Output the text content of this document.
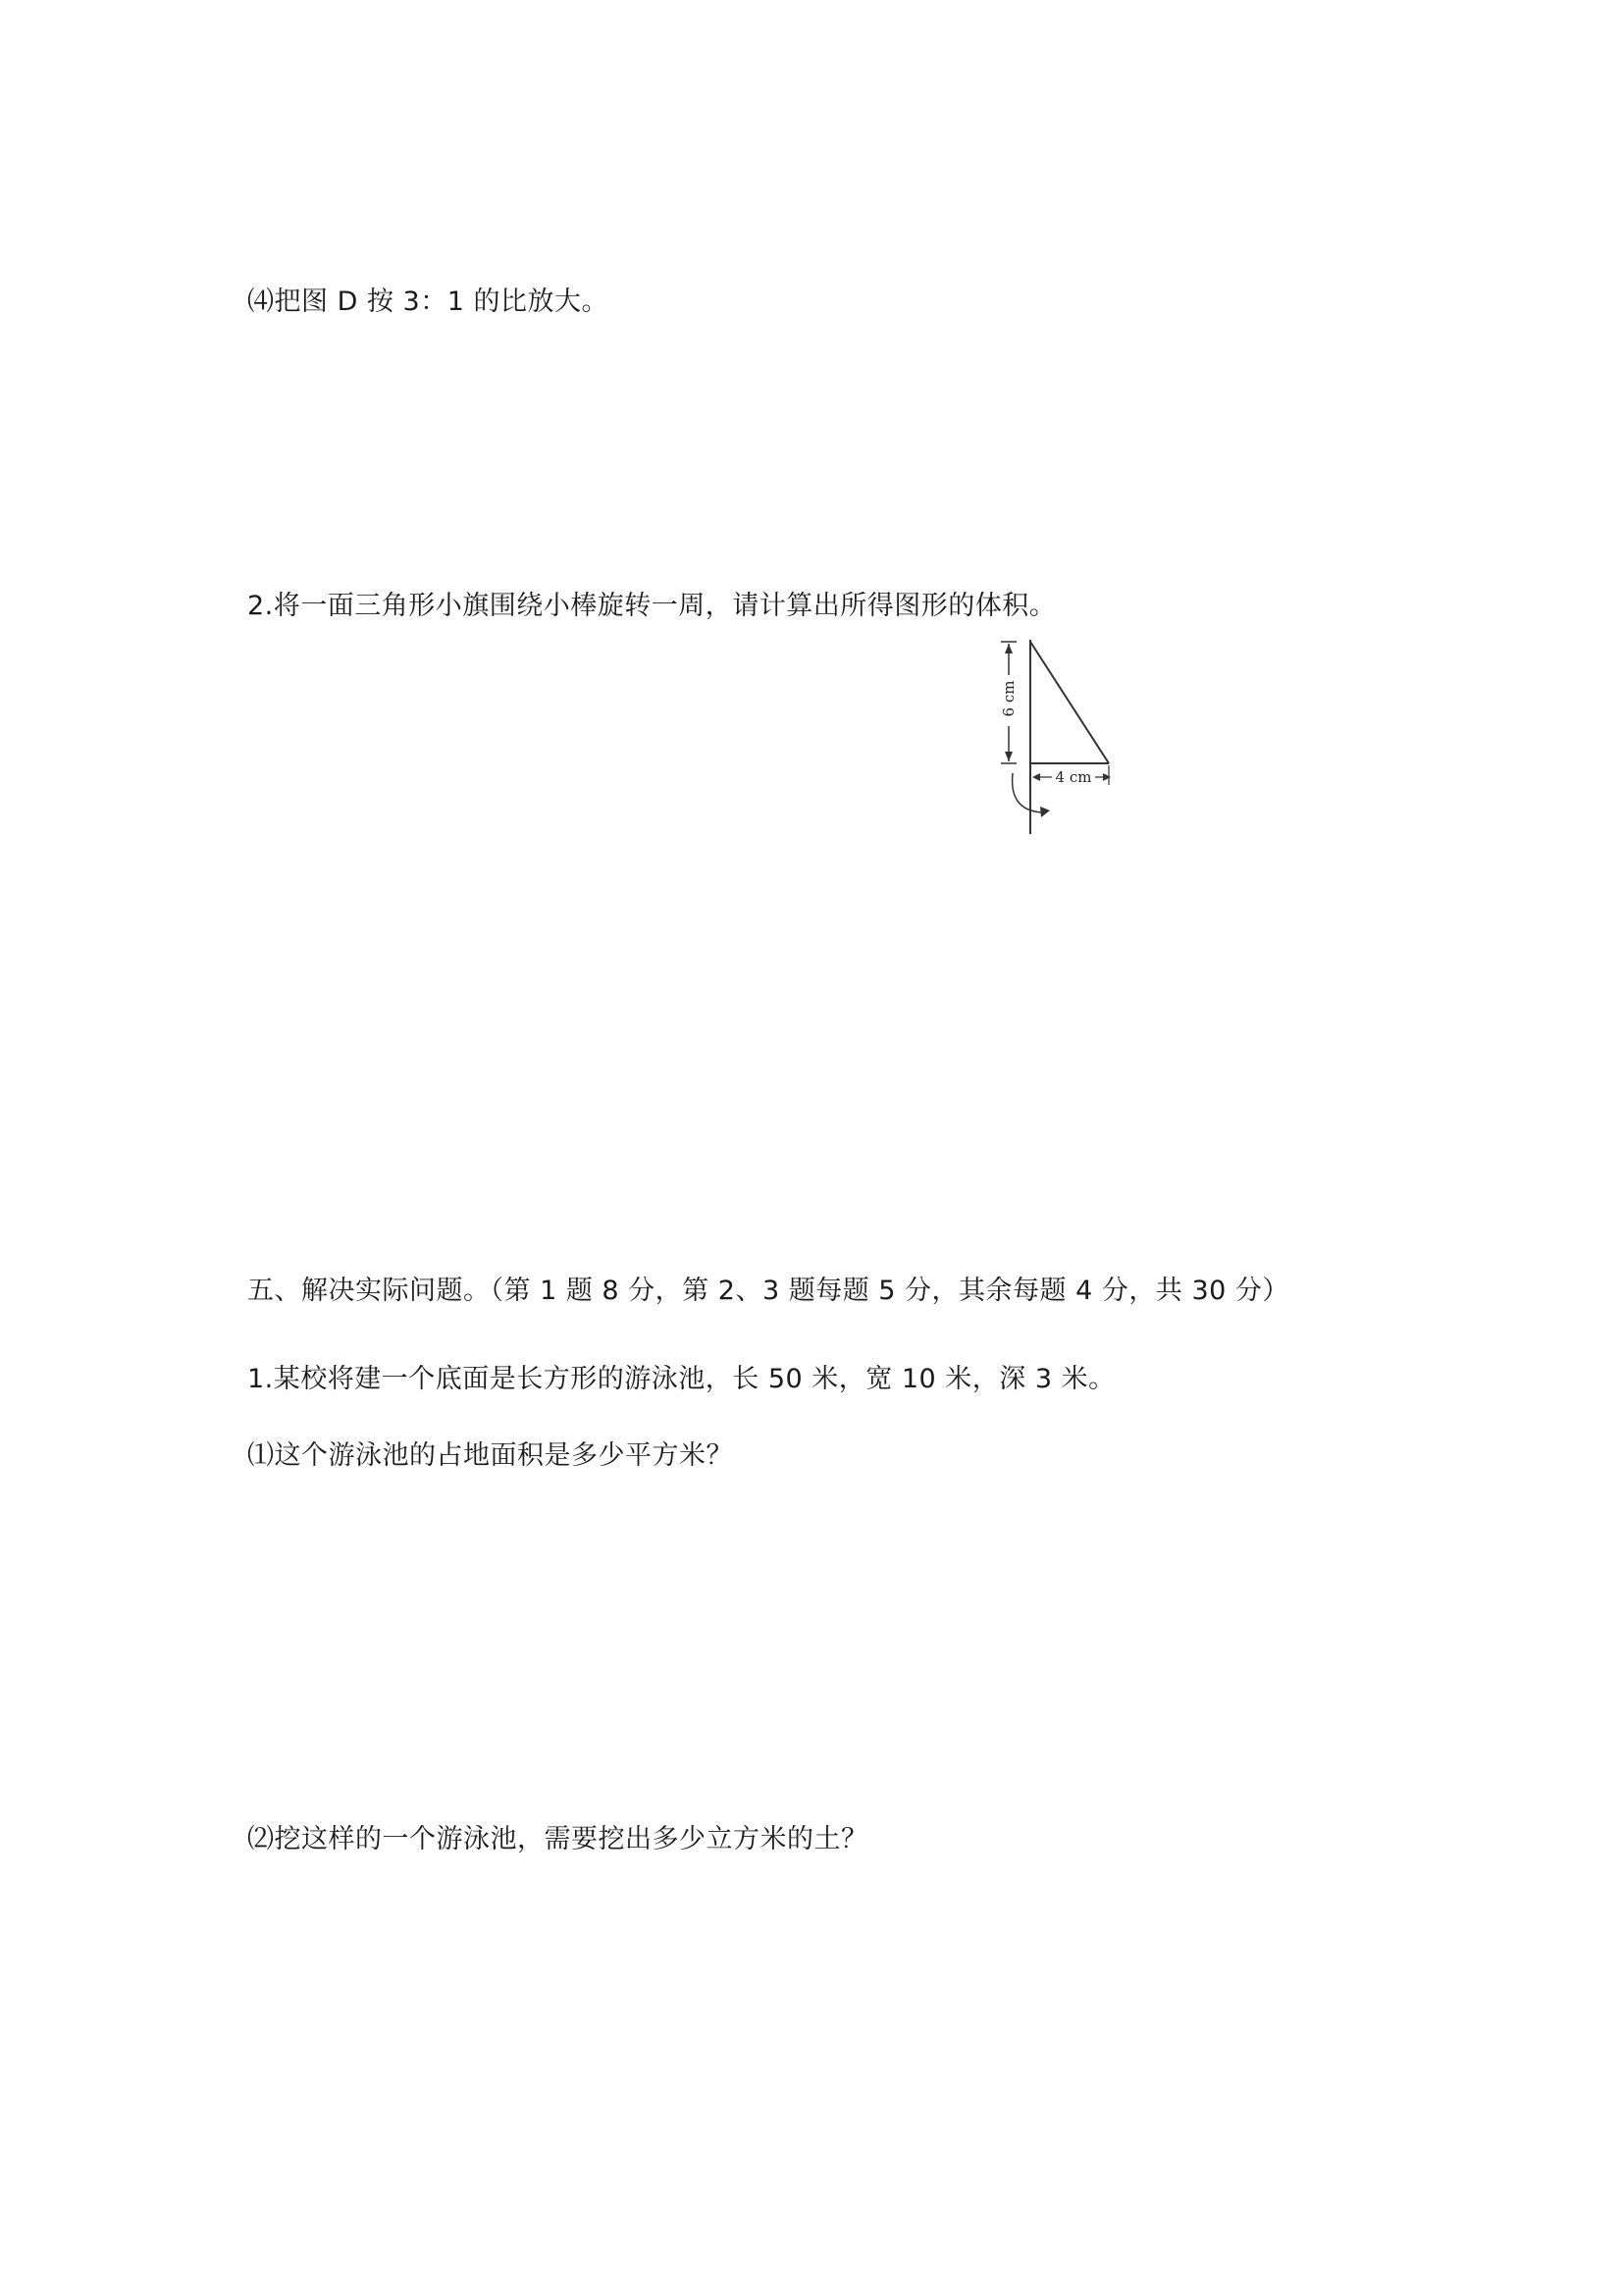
⑷把图 D 按 3：1 的比放大。
2.将一面三角形小旗围绕小棒旋转一周，请计算出所得图形的体积。
6 cm
4 cm
五、解决实际问题。（第 1 题 8 分，第 2、3 题每题 5 分，其余每题 4 分，共 30 分）
1.某校将建一个底面是长方形的游泳池，长 50 米，宽 10 米，深 3 米。
⑴这个游泳池的占地面积是多少平方米？
⑵挖这样的一个游泳池，需要挖出多少立方米的土？
